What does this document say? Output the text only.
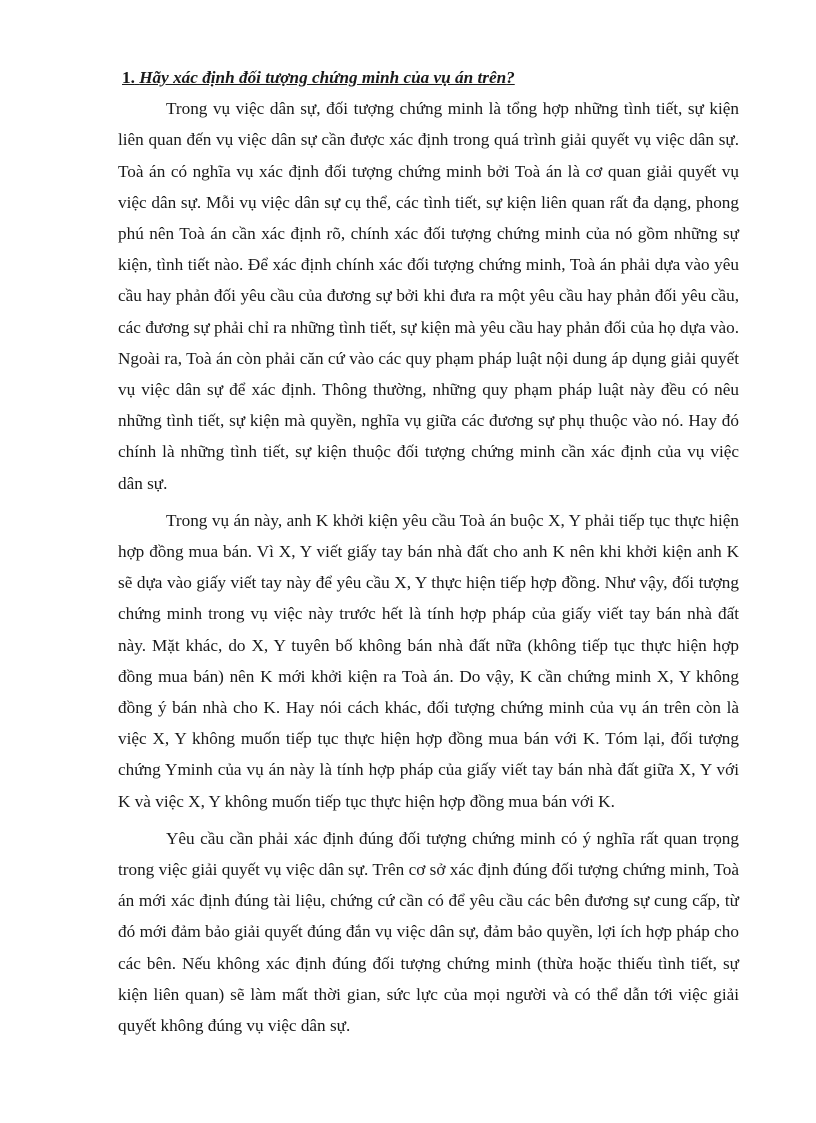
1. Hãy xác định đối tượng chứng minh của vụ án trên?

Trong vụ việc dân sự, đối tượng chứng minh là tổng hợp những tình tiết, sự kiện liên quan đến vụ việc dân sự cần được xác định trong quá trình giải quyết vụ việc dân sự. Toà án có nghĩa vụ xác định đối tượng chứng minh bởi Toà án là cơ quan giải quyết vụ việc dân sự. Mỗi vụ việc dân sự cụ thể, các tình tiết, sự kiện liên quan rất đa dạng, phong phú nên Toà án cần xác định rõ, chính xác đối tượng chứng minh của nó gồm những sự kiện, tình tiết nào. Để xác định chính xác đối tượng chứng minh, Toà án phải dựa vào yêu cầu hay phản đối yêu cầu của đương sự bởi khi đưa ra một yêu cầu hay phản đối yêu cầu, các đương sự phải chỉ ra những tình tiết, sự kiện mà yêu cầu hay phản đối của họ dựa vào. Ngoài ra, Toà án còn phải căn cứ vào các quy phạm pháp luật nội dung áp dụng giải quyết vụ việc dân sự để xác định. Thông thường, những quy phạm pháp luật này đều có nêu những tình tiết, sự kiện mà quyền, nghĩa vụ giữa các đương sự phụ thuộc vào nó. Hay đó chính là những tình tiết, sự kiện thuộc đối tượng chứng minh cần xác định của vụ việc dân sự.

Trong vụ án này, anh K khởi kiện yêu cầu Toà án buộc X, Y phải tiếp tục thực hiện hợp đồng mua bán. Vì X, Y viết giấy tay bán nhà đất cho anh K nên khi khởi kiện anh K sẽ dựa vào giấy viết tay này để yêu cầu X, Y thực hiện tiếp hợp đồng. Như vậy, đối tượng chứng minh trong vụ việc này trước hết là tính hợp pháp của giấy viết tay bán nhà đất này. Mặt khác, do X, Y tuyên bố không bán nhà đất nữa (không tiếp tục thực hiện hợp đồng mua bán) nên K mới khởi kiện ra Toà án. Do vậy, K cần chứng minh X, Y không đồng ý bán nhà cho K. Hay nói cách khác, đối tượng chứng minh của vụ án trên còn là việc X, Y không muốn tiếp tục thực hiện hợp đồng mua bán với K. Tóm lại, đối tượng chứng Yminh của vụ án này là tính hợp pháp của giấy viết tay bán nhà đất giữa X, Y với K và việc X, Y không muốn tiếp tục thực hiện hợp đồng mua bán với K.

Yêu cầu cần phải xác định đúng đối tượng chứng minh có ý nghĩa rất quan trọng trong việc giải quyết vụ việc dân sự. Trên cơ sở xác định đúng đối tượng chứng minh, Toà án mới xác định đúng tài liệu, chứng cứ cần có để yêu cầu các bên đương sự cung cấp, từ đó mới đảm bảo giải quyết đúng đắn vụ việc dân sự, đảm bảo quyền, lợi ích hợp pháp cho các bên. Nếu không xác định đúng đối tượng chứng minh (thừa hoặc thiếu tình tiết, sự kiện liên quan) sẽ làm mất thời gian, sức lực của mọi người và có thể dẫn tới việc giải quyết không đúng vụ việc dân sự.
